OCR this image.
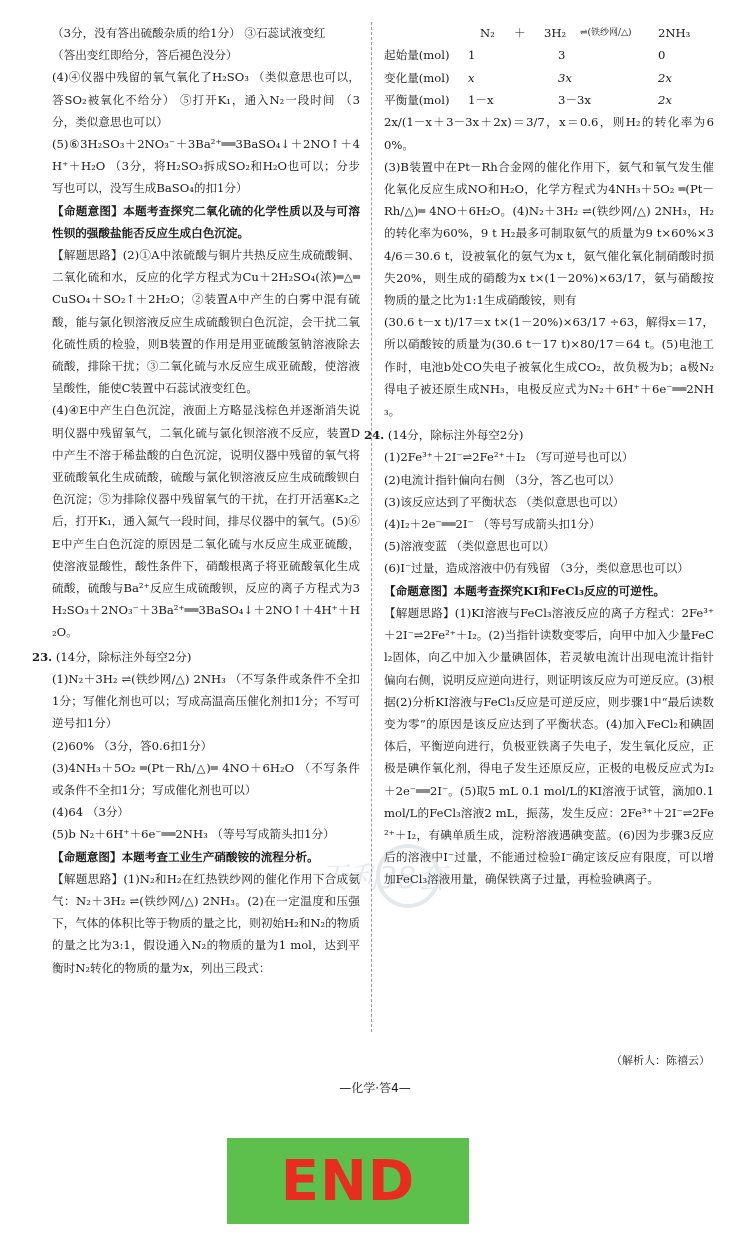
（3分，没有答出硫酸杂质的给1分） ③石蕊试液变红

（答出变红即给分，答后褪色没分）

(4)④仪器中残留的氧气氧化了H₂SO₃ （类似意思也可以，答SO₂被氧化不给分） ⑤打开K₁，通入N₂一段时间 （3分，类似意思也可以）

(5)⑥3H₂SO₃＋2NO₃⁻＋3Ba²⁺══3BaSO₄↓＋2NO↑＋4H⁺＋H₂O （3分，将H₂SO₃拆成SO₂和H₂O也可以；分步写也可以，没写生成BaSO₄的扣1分）

【命题意图】本题考查探究二氧化硫的化学性质以及与可溶性钡的强酸盐能否反应生成白色沉淀。

【解题思路】(2)①A中浓硫酸与铜片共热反应生成硫酸铜、二氧化硫和水，反应的化学方程式为Cu＋2H₂SO₄(浓)═△═CuSO₄＋SO₂↑＋2H₂O；②装置A中产生的白雾中混有硫酸，能与氯化钡溶液反应生成硫酸钡白色沉淀，会干扰二氧化硫性质的检验，则B装置的作用是用亚硫酸氢钠溶液除去硫酸，排除干扰；③二氧化硫与水反应生成亚硫酸，使溶液呈酸性，能使C装置中石蕊试液变红色。

(4)④E中产生白色沉淀，液面上方略显浅棕色并逐渐消失说明仪器中残留氧气，二氧化硫与氯化钡溶液不反应，装置D中产生不溶于稀盐酸的白色沉淀，说明仪器中残留的氧气将亚硫酸氧化生成硫酸，硫酸与氯化钡溶液反应生成硫酸钡白色沉淀；⑤为排除仪器中残留氧气的干扰，在打开活塞K₂之后，打开K₁，通入氮气一段时间，排尽仪器中的氧气。(5)⑥E中产生白色沉淀的原因是二氧化硫与水反应生成亚硫酸，使溶液显酸性，酸性条件下，硝酸根离子将亚硫酸氧化生成硫酸，硫酸与Ba²⁺反应生成硫酸钡，反应的离子方程式为3H₂SO₃＋2NO₃⁻＋3Ba²⁺══3BaSO₄↓＋2NO↑＋4H⁺＋H₂O。

23. (14分，除标注外每空2分)

(1)N₂＋3H₂ ⇌(铁纱网/△) 2NH₃ （不写条件或条件不全扣1分；写催化剂也可以；写成高温高压催化剂扣1分；不写可逆号扣1分）

(2)60% （3分，答0.6扣1分）

(3)4NH₃＋5O₂ ═(Pt－Rh/△)═ 4NO＋6H₂O （不写条件或条件不全扣1分；写成催化剂也可以）

(4)64 （3分）

(5)b N₂＋6H⁺＋6e⁻══2NH₃ （等号写成箭头扣1分）

【命题意图】本题考查工业生产硝酸铵的流程分析。

【解题思路】(1)N₂和H₂在红热铁纱网的催化作用下合成氨气：N₂＋3H₂ ⇌(铁纱网/△) 2NH₃。(2)在一定温度和压强下，气体的体积比等于物质的量之比，则初始H₂和N₂的物质的量之比为3:1，假设通入N₂的物质的量为1 mol，达到平衡时N₂转化的物质的量为x，列出三段式：

N₂	＋	3H₂	⇌(铁纱网/△)	2NH₃
起始量(mol) 1	3	0
变化量(mol) x	3x	2x
平衡量(mol) 1－x	3－3x	2x

2x/(1－x＋3－3x＋2x)＝3/7，x＝0.6，则H₂的转化率为60%。

(3)B装置中在Pt－Rh合金网的催化作用下，氨气和氧气发生催化氧化反应生成NO和H₂O，化学方程式为4NH₃＋5O₂ ═(Pt－Rh/△)═ 4NO＋6H₂O。(4)N₂＋3H₂ ⇌(铁纱网/△) 2NH₃，H₂的转化率为60%，9 t H₂最多可制取氨气的质量为9 t×60%×34/6＝30.6 t，设被氧化的氨气为x t，氨气催化氧化制硝酸时损失20%，则生成的硝酸为x t×(1－20%)×63/17，氨与硝酸按物质的量之比为1:1生成硝酸铵，则有

(30.6 t－x t)/17＝x t×(1－20%)×63/17 ÷63，解得x＝17，所以硝酸铵的质量为(30.6 t－17 t)×80/17＝64 t。(5)电池工作时，电池b处CO失电子被氧化生成CO₂，故负极为b；a极N₂得电子被还原生成NH₃，电极反应式为N₂＋6H⁺＋6e⁻══2NH₃。

24. (14分，除标注外每空2分)

(1)2Fe³⁺＋2I⁻⇌2Fe²⁺＋I₂ （写可逆号也可以）

(2)电流计指针偏向右侧 （3分，答乙也可以）

(3)该反应达到了平衡状态 （类似意思也可以）

(4)I₂＋2e⁻══2I⁻ （等号写成箭头扣1分）

(5)溶液变蓝 （类似意思也可以）

(6)I⁻过量，造成溶液中仍有残留 （3分，类似意思也可以）

【命题意图】本题考查探究KI和FeCl₃反应的可逆性。

【解题思路】(1)KI溶液与FeCl₃溶液反应的离子方程式：2Fe³⁺＋2I⁻⇌2Fe²⁺＋I₂。(2)当指针读数变零后，向甲中加入少量FeCl₂固体，向乙中加入少量碘固体，若灵敏电流计出现电流计指针偏向右侧，说明反应逆向进行，则证明该反应为可逆反应。(3)根据(2)分析KI溶液与FeCl₃反应是可逆反应，则步骤1中“最后读数变为零”的原因是该反应达到了平衡状态。(4)加入FeCl₂和碘固体后，平衡逆向进行，负极亚铁离子失电子，发生氧化反应，正极是碘作氧化剂，得电子发生还原反应，正极的电极反应式为I₂＋2e⁻══2I⁻。(5)取5 mL 0.1 mol/L的KI溶液于试管，滴加0.1 mol/L的FeCl₃溶液2 mL，振荡，发生反应：2Fe³⁺＋2I⁻⇌2Fe²⁺＋I₂，有碘单质生成，淀粉溶液遇碘变蓝。(6)因为步骤3反应后的溶液中I⁻过量，不能通过检验I⁻确定该反应有限度，可以增加FeCl₃溶液用量，确保铁离子过量，再检验碘离子。

（解析人：陈禧云）
天利38套
—化学·答4—
END
